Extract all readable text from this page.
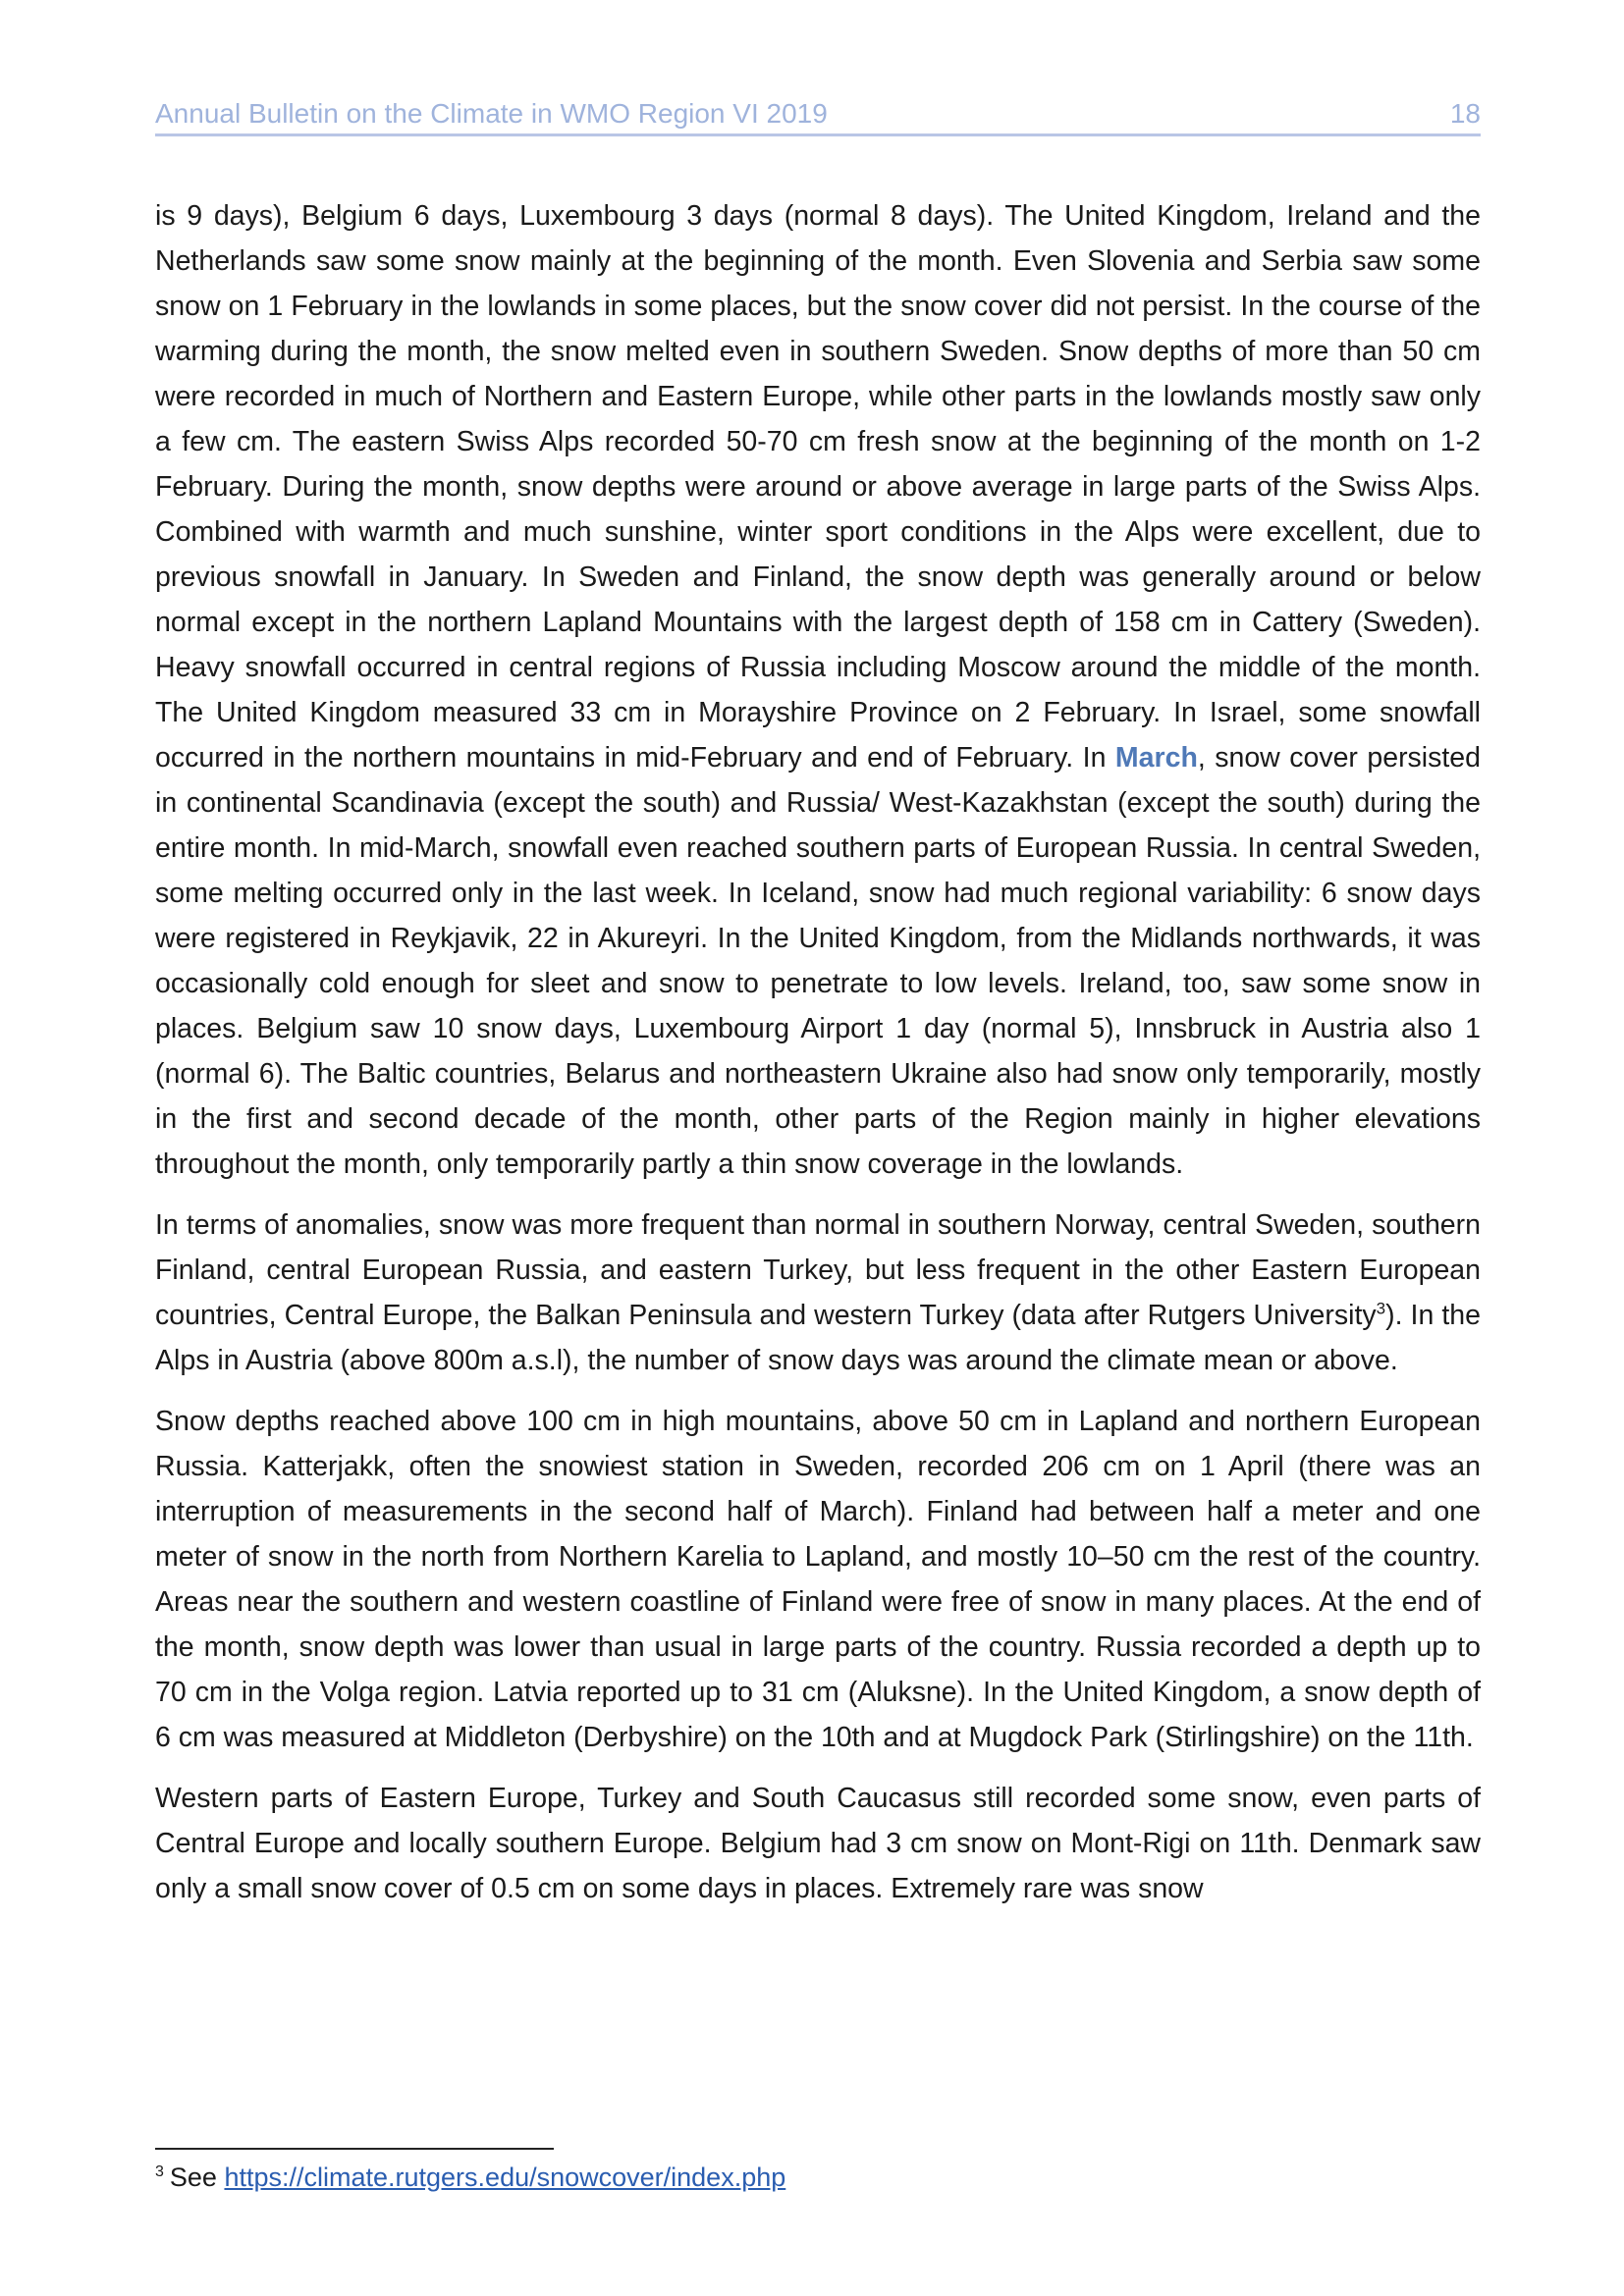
Annual Bulletin on the Climate in WMO Region VI 2019	18

is 9 days), Belgium 6 days, Luxembourg 3 days (normal 8 days). The United Kingdom, Ireland and the Netherlands saw some snow mainly at the beginning of the month. Even Slovenia and Serbia saw some snow on 1 February in the lowlands in some places, but the snow cover did not persist. In the course of the warming during the month, the snow melted even in southern Sweden. Snow depths of more than 50 cm were recorded in much of Northern and Eastern Europe, while other parts in the lowlands mostly saw only a few cm. The eastern Swiss Alps recorded 50-70 cm fresh snow at the beginning of the month on 1-2 February. During the month, snow depths were around or above average in large parts of the Swiss Alps. Combined with warmth and much sunshine, winter sport conditions in the Alps were excellent, due to previous snowfall in January. In Sweden and Finland, the snow depth was generally around or below normal except in the northern Lapland Mountains with the largest depth of 158 cm in Cattery (Sweden). Heavy snowfall occurred in central regions of Russia including Moscow around the middle of the month. The United Kingdom measured 33 cm in Morayshire Province on 2 February. In Israel, some snowfall occurred in the northern mountains in mid-February and end of February. In March, snow cover persisted in continental Scandinavia (except the south) and Russia/ West-Kazakhstan (except the south) during the entire month. In mid-March, snowfall even reached southern parts of European Russia. In central Sweden, some melting occurred only in the last week. In Iceland, snow had much regional variability: 6 snow days were registered in Reykjavik, 22 in Akureyri. In the United Kingdom, from the Midlands northwards, it was occasionally cold enough for sleet and snow to penetrate to low levels. Ireland, too, saw some snow in places. Belgium saw 10 snow days, Luxembourg Airport 1 day (normal 5), Innsbruck in Austria also 1 (normal 6). The Baltic countries, Belarus and northeastern Ukraine also had snow only temporarily, mostly in the first and second decade of the month, other parts of the Region mainly in higher elevations throughout the month, only temporarily partly a thin snow coverage in the lowlands.

In terms of anomalies, snow was more frequent than normal in southern Norway, central Sweden, southern Finland, central European Russia, and eastern Turkey, but less frequent in the other Eastern European countries, Central Europe, the Balkan Peninsula and western Turkey (data after Rutgers University$^3$). In the Alps in Austria (above 800m a.s.l), the number of snow days was around the climate mean or above.

Snow depths reached above 100 cm in high mountains, above 50 cm in Lapland and northern European Russia. Katterjakk, often the snowiest station in Sweden, recorded 206 cm on 1 April (there was an interruption of measurements in the second half of March). Finland had between half a meter and one meter of snow in the north from Northern Karelia to Lapland, and mostly 10–50 cm the rest of the country. Areas near the southern and western coastline of Finland were free of snow in many places. At the end of the month, snow depth was lower than usual in large parts of the country. Russia recorded a depth up to 70 cm in the Volga region. Latvia reported up to 31 cm (Aluksne). In the United Kingdom, a snow depth of 6 cm was measured at Middleton (Derbyshire) on the 10th and at Mugdock Park (Stirlingshire) on the 11th.

Western parts of Eastern Europe, Turkey and South Caucasus still recorded some snow, even parts of Central Europe and locally southern Europe. Belgium had 3 cm snow on Mont-Rigi on 11th. Denmark saw only a small snow cover of 0.5 cm on some days in places. Extremely rare was snow

$^3$ See https://climate.rutgers.edu/snowcover/index.php
